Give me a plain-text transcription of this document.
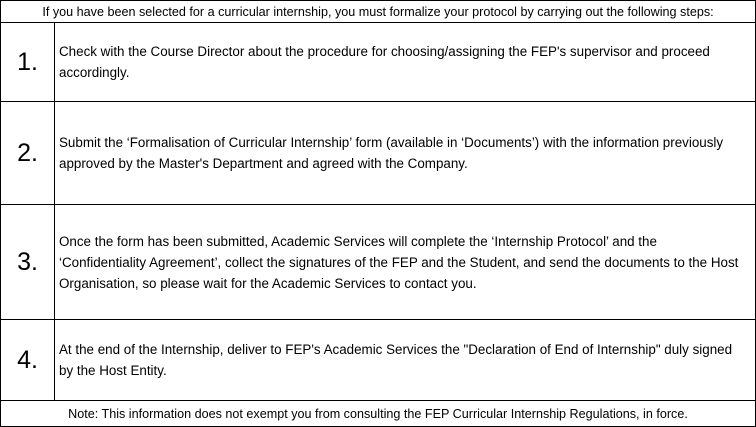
If you have been selected for a curricular internship, you must formalize your protocol by carrying out the following steps:	
1.	Check with the Course Director about the procedure for choosing/assigning the FEP's supervisor and proceed accordingly.
2.	Submit the ‘Formalisation of Curricular Internship’ form (available in ‘Documents’) with the information previously approved by the Master's Department and agreed with the Company.
3.	Once the form has been submitted, Academic Services will complete the ‘Internship Protocol’ and the ‘Confidentiality Agreement’, collect the signatures of the FEP and the Student, and send the documents to the Host Organisation, so please wait for the Academic Services to contact you.
4.	At the end of the Internship, deliver to FEP's Academic Services the "Declaration of End of Internship" duly signed by the Host Entity.
Note: This information does not exempt you from consulting the FEP Curricular Internship Regulations, in force.	
